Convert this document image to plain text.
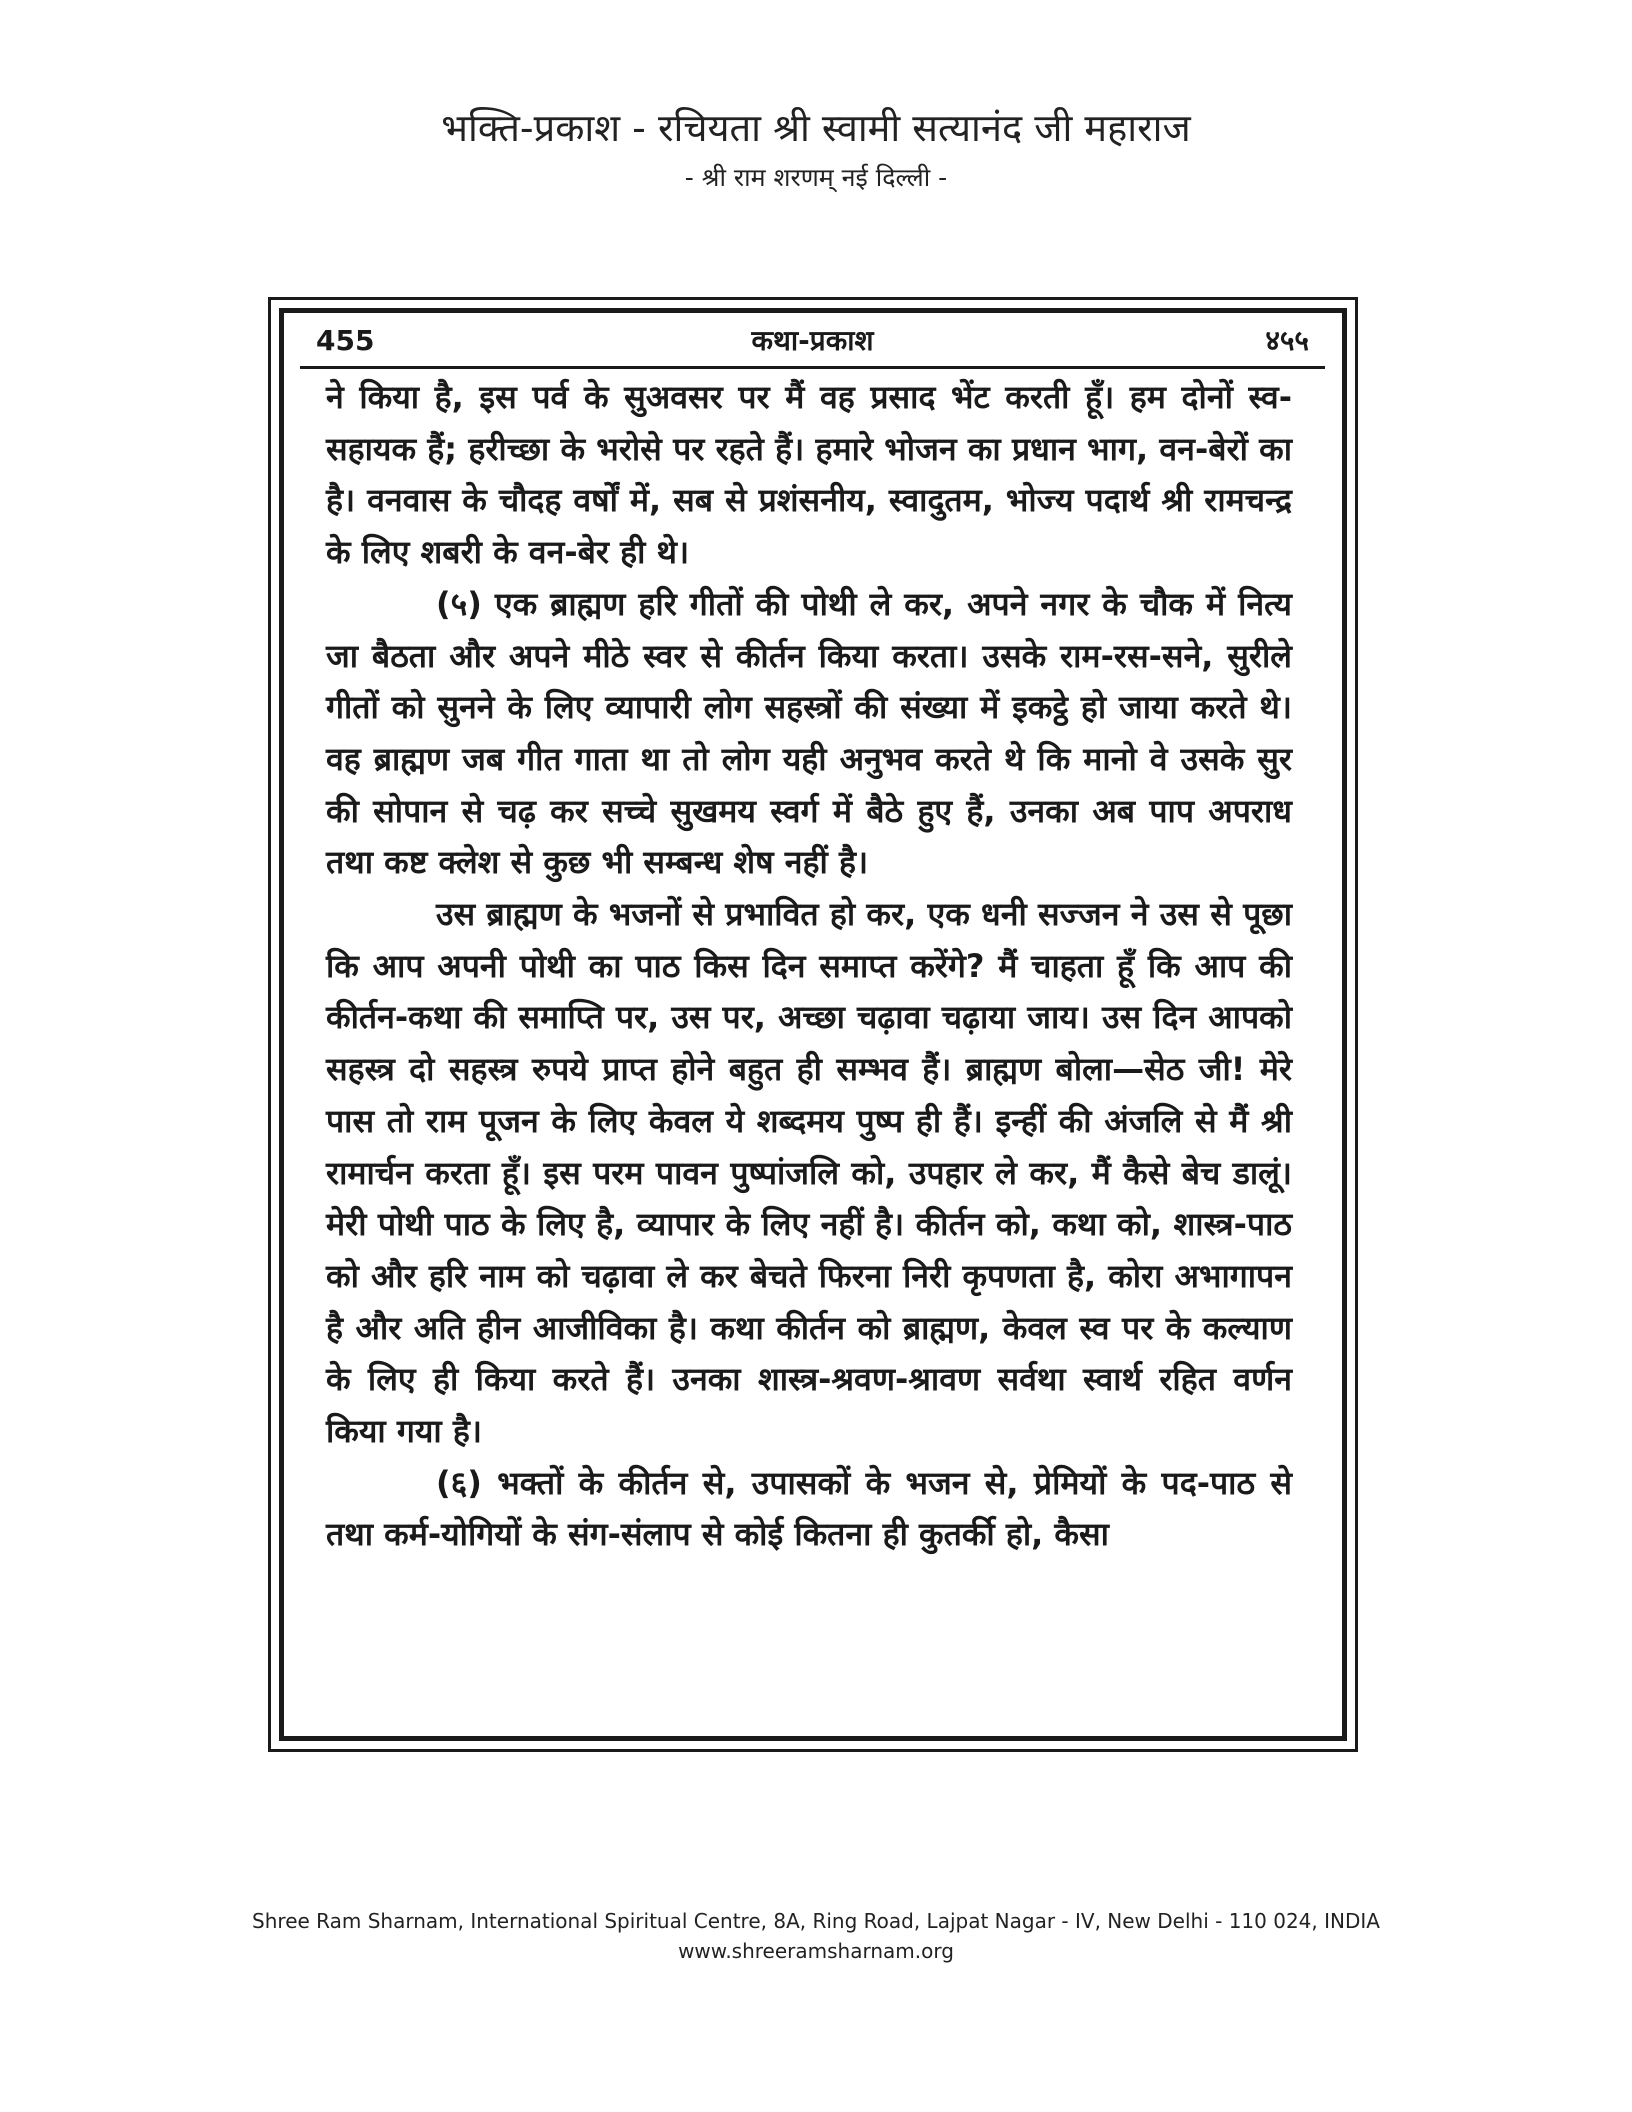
भक्ति-प्रकाश - रचियता श्री स्वामी सत्यानंद जी महाराज
- श्री राम शरणम् नई दिल्ली -
कथा-प्रकाश
455	४५५

ने किया है, इस पर्व के सुअवसर पर मैं वह प्रसाद भेंट करती हूँ। हम दोनों स्व-सहायक हैं; हरीच्छा के भरोसे पर रहते हैं। हमारे भोजन का प्रधान भाग, वन-बेरों का है। वनवास के चौदह वर्षों में, सब से प्रशंसनीय, स्वादुतम, भोज्य पदार्थ श्री रामचन्द्र के लिए शबरी के वन-बेर ही थे।

(५) एक ब्राह्मण हरि गीतों की पोथी ले कर, अपने नगर के चौक में नित्य जा बैठता और अपने मीठे स्वर से कीर्तन किया करता। उसके राम-रस-सने, सुरीले गीतों को सुनने के लिए व्यापारी लोग सहस्त्रों की संख्या में इकट्ठे हो जाया करते थे। वह ब्राह्मण जब गीत गाता था तो लोग यही अनुभव करते थे कि मानो वे उसके सुर की सोपान से चढ़ कर सच्चे सुखमय स्वर्ग में बैठे हुए हैं, उनका अब पाप अपराध तथा कष्ट क्लेश से कुछ भी सम्बन्ध शेष नहीं है।

उस ब्राह्मण के भजनों से प्रभावित हो कर, एक धनी सज्जन ने उस से पूछा कि आप अपनी पोथी का पाठ किस दिन समाप्त करेंगे? मैं चाहता हूँ कि आप की कीर्तन-कथा की समाप्ति पर, उस पर, अच्छा चढ़ावा चढ़ाया जाय। उस दिन आपको सहस्त्र दो सहस्त्र रुपये प्राप्त होने बहुत ही सम्भव हैं। ब्राह्मण बोला—सेठ जी! मेरे पास तो राम पूजन के लिए केवल ये शब्दमय पुष्प ही हैं। इन्हीं की अंजलि से मैं श्री रामार्चन करता हूँ। इस परम पावन पुष्पांजलि को, उपहार ले कर, मैं कैसे बेच डालूं। मेरी पोथी पाठ के लिए है, व्यापार के लिए नहीं है। कीर्तन को, कथा को, शास्त्र-पाठ को और हरि नाम को चढ़ावा ले कर बेचते फिरना निरी कृपणता है, कोरा अभागापन है और अति हीन आजीविका है। कथा कीर्तन को ब्राह्मण, केवल स्व पर के कल्याण के लिए ही किया करते हैं। उनका शास्त्र-श्रवण-श्रावण सर्वथा स्वार्थ रहित वर्णन किया गया है।

(६) भक्तों के कीर्तन से, उपासकों के भजन से, प्रेमियों के पद-पाठ से तथा कर्म-योगियों के संग-संलाप से कोई कितना ही कुतर्की हो, कैसा

Shree Ram Sharnam, International Spiritual Centre, 8A, Ring Road, Lajpat Nagar - IV, New Delhi - 110 024, INDIA
www.shreeramsharnam.org
